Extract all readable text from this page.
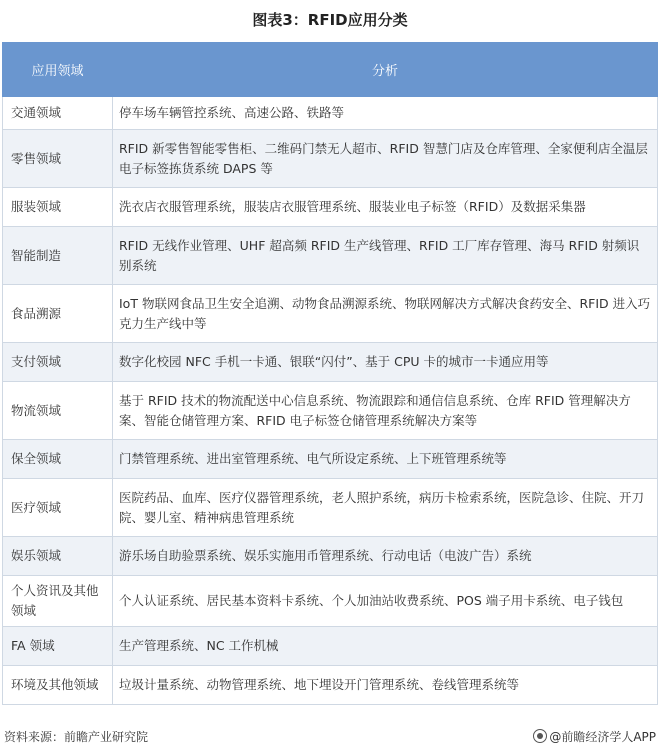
图表3：RFID应用分类
应用领域	分析
交通领域	停车场车辆管控系统、高速公路、铁路等
零售领域	RFID 新零售智能零售柜、二维码门禁无人超市、RFID 智慧门店及仓库管理、全家便利店全温层电子标签拣货系统 DAPS 等
服装领域	洗衣店衣服管理系统，服装店衣服管理系统、服装业电子标签（RFID）及数据采集器
智能制造	RFID 无线作业管理、UHF 超高频 RFID 生产线管理、RFID 工厂库存管理、海马 RFID 射频识别系统
食品溯源	IoT 物联网食品卫生安全追溯、动物食品溯源系统、物联网解决方式解决食药安全、RFID 进入巧克力生产线中等
支付领域	数字化校园 NFC 手机一卡通、银联“闪付”、基于 CPU 卡的城市一卡通应用等
物流领域	基于 RFID 技术的物流配送中心信息系统、物流跟踪和通信信息系统、仓库 RFID 管理解决方案、智能仓储管理方案、RFID 电子标签仓储管理系统解决方案等
保全领域	门禁管理系统、进出室管理系统、电气所设定系统、上下班管理系统等
医疗领域	医院药品、血库、医疗仪器管理系统，老人照护系统，病历卡检索系统，医院急诊、住院、开刀院、婴儿室、精神病患管理系统
娱乐领域	游乐场自助验票系统、娱乐实施用币管理系统、行动电话（电波广告）系统
个人资讯及其他领域	个人认证系统、居民基本资料卡系统、个人加油站收费系统、POS 端子用卡系统、电子钱包
FA 领域	生产管理系统、NC 工作机械
环境及其他领域	垃圾计量系统、动物管理系统、地下埋设开门管理系统、卷线管理系统等
资料来源：前瞻产业研究院	@前瞻经济学人APP
